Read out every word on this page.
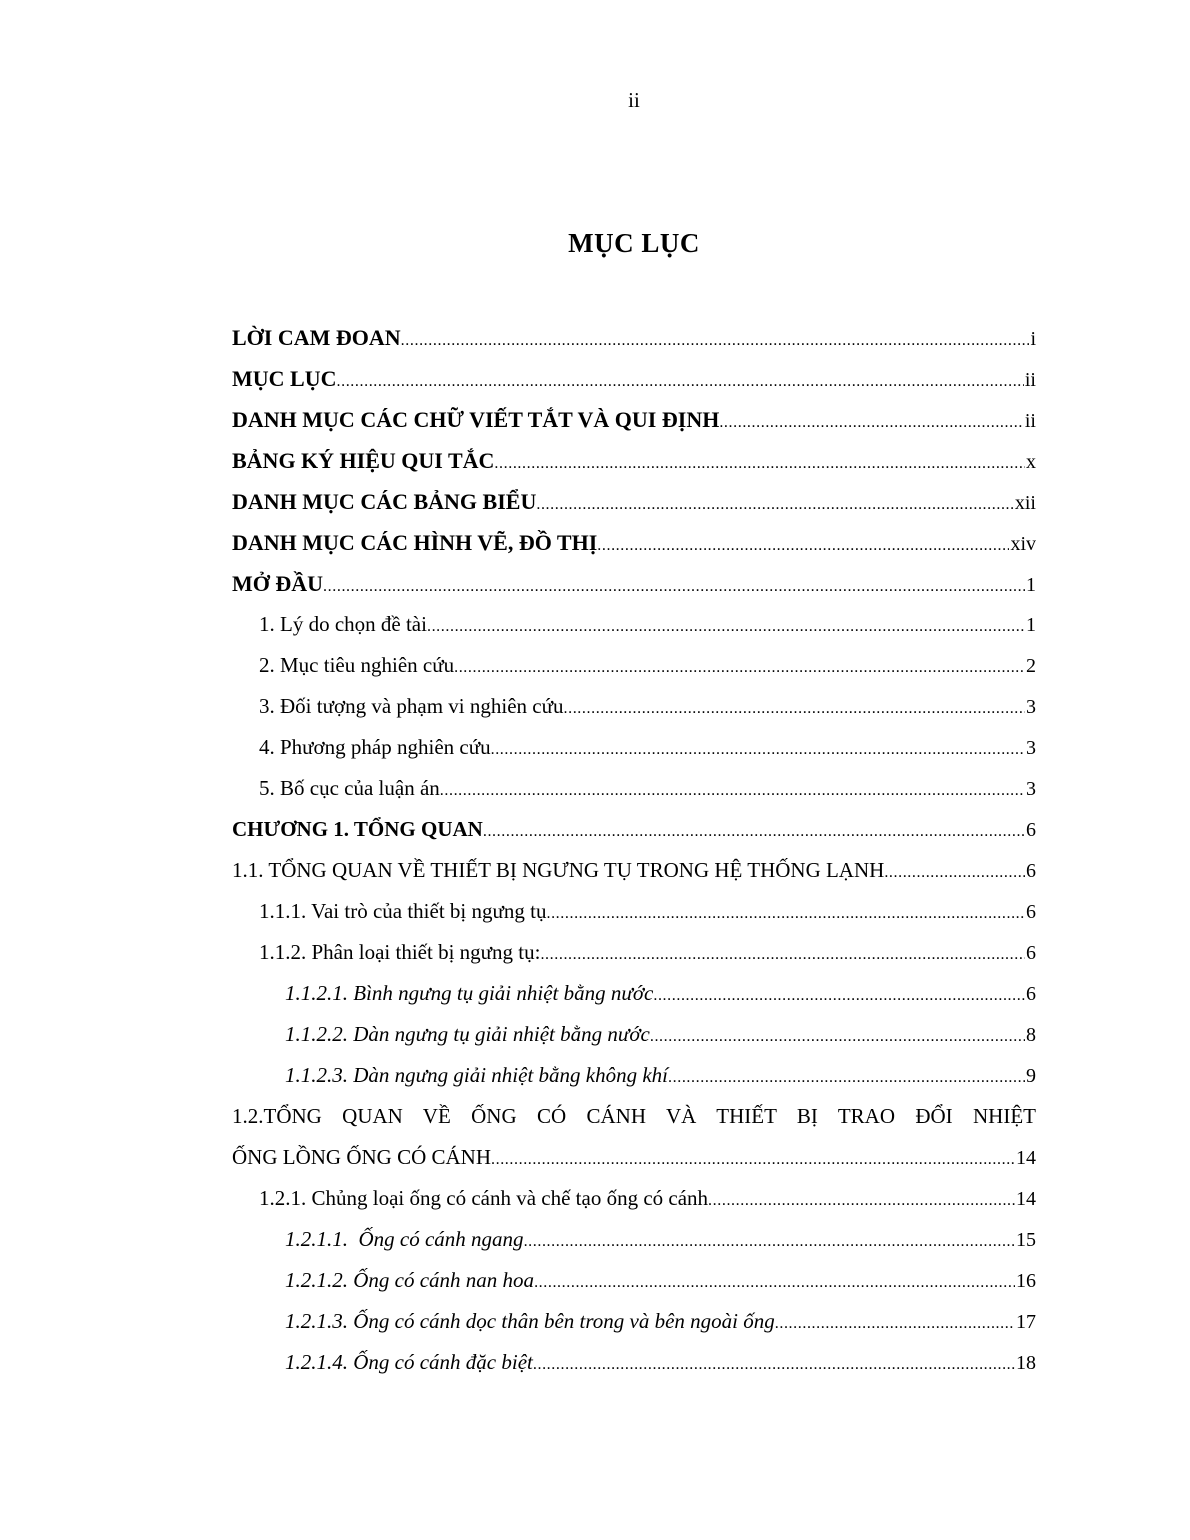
ii
MỤC LỤC
LỜI CAM ĐOAN .....	i
MỤC LỤC .....	ii
DANH MỤC CÁC CHỮ VIẾT TẮT VÀ QUI ĐỊNH .....	ii
BẢNG KÝ HIỆU QUI TẮC .....	x
DANH MỤC CÁC BẢNG BIỂU .....	xii
DANH MỤC CÁC HÌNH VẼ, ĐỒ THỊ .....	xiv
MỞ ĐẦU .....	1
1. Lý do chọn đề tài .....	1
2. Mục tiêu nghiên cứu .....	2
3. Đối tượng và phạm vi nghiên cứu .....	3
4. Phương pháp nghiên cứu .....	3
5. Bố cục của luận án .....	3
CHƯƠNG 1. TỔNG QUAN .....	6
1.1. TỔNG QUAN VỀ THIẾT BỊ NGƯNG TỤ TRONG HỆ THỐNG LẠNH .....	6
1.1.1. Vai trò của thiết bị ngưng tụ .....	6
1.1.2. Phân loại thiết bị ngưng tụ: .....	6
1.1.2.1. Bình ngưng tụ giải nhiệt bằng nước .....	6
1.1.2.2. Dàn ngưng tụ giải nhiệt bằng nước .....	8
1.1.2.3. Dàn ngưng giải nhiệt bằng không khí .....	9
1.2.TỔNG QUAN VỀ ỐNG CÓ CÁNH VÀ THIẾT BỊ TRAO ĐỔI NHIỆT
ỐNG LỒNG ỐNG CÓ CÁNH .....	14
1.2.1. Chủng loại ống có cánh và chế tạo ống có cánh .....	14
1.2.1.1.  Ống có cánh ngang .....	15
1.2.1.2. Ống có cánh nan hoa .....	16
1.2.1.3. Ống có cánh dọc thân bên trong và bên ngoài ống .....	17
1.2.1.4. Ống có cánh đặc biệt .....	18
